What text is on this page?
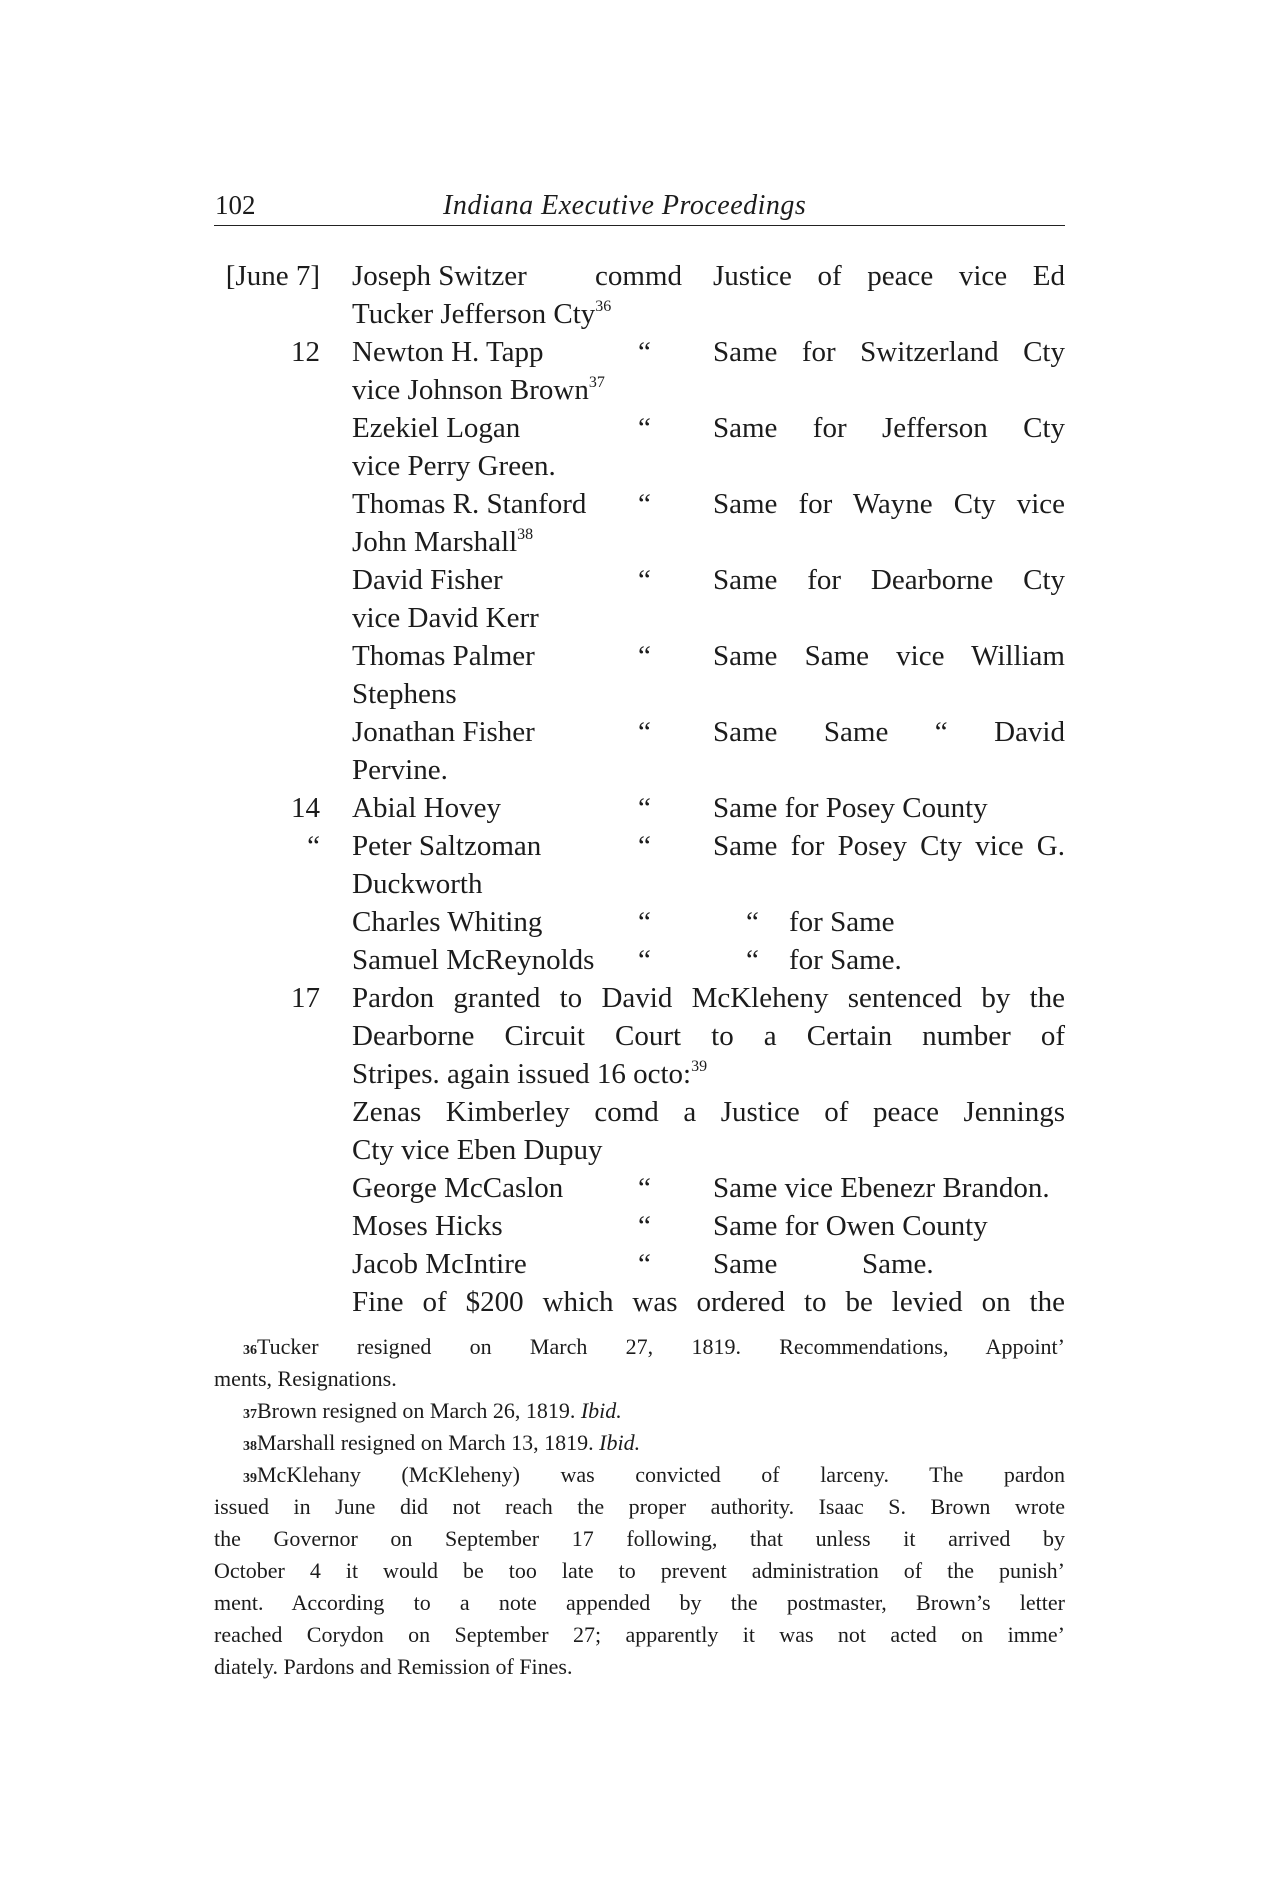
102	Indiana Executive Proceedings
[June 7] Joseph Switzer commd Justice of peace vice Ed
Tucker Jefferson Cty$^{36}$
12 Newton H. Tapp	“ Same for Switzerland Cty
vice Johnson Brown$^{37}$
Ezekiel Logan	“ Same for Jefferson Cty
vice Perry Green.
Thomas R. Stanford “ Same for Wayne Cty vice
John Marshall$^{38}$
David Fisher	“ Same for Dearborne Cty
vice David Kerr
Thomas Palmer	“ Same Same vice William
Stephens
Jonathan Fisher	“ Same Same “ David
Pervine.
14 Abial Hovey	“ Same for Posey County
“ Peter Saltzoman	“ Same for Posey Cty vice G.
Duckworth
Charles Whiting	“	“ for Same
Samuel McReynolds “	“ for Same.
17 Pardon granted to David McKleheny sentenced by the
Dearborne Circuit Court to a Certain number of
Stripes. again issued 16 octo:$^{39}$
Zenas Kimberley comd a Justice of peace Jennings
Cty vice Eben Dupuy
George McCaslon	“ Same vice Ebenezr Brandon.
Moses Hicks	“ Same for Owen County
Jacob McIntire	“ Same	Same.
Fine of $200 which was ordered to be levied on the
36Tucker resigned on March 27, 1819. Recommendations, Appoint’
ments, Resignations.
37Brown resigned on March 26, 1819. Ibid.
38Marshall resigned on March 13, 1819. Ibid.
39McKlehany (McKleheny) was convicted of larceny. The pardon
issued in June did not reach the proper authority. Isaac S. Brown wrote
the Governor on September 17 following, that unless it arrived by
October 4 it would be too late to prevent administration of the punish’
ment. According to a note appended by the postmaster, Brown’s letter
reached Corydon on September 27; apparently it was not acted on imme’
diately. Pardons and Remission of Fines.
